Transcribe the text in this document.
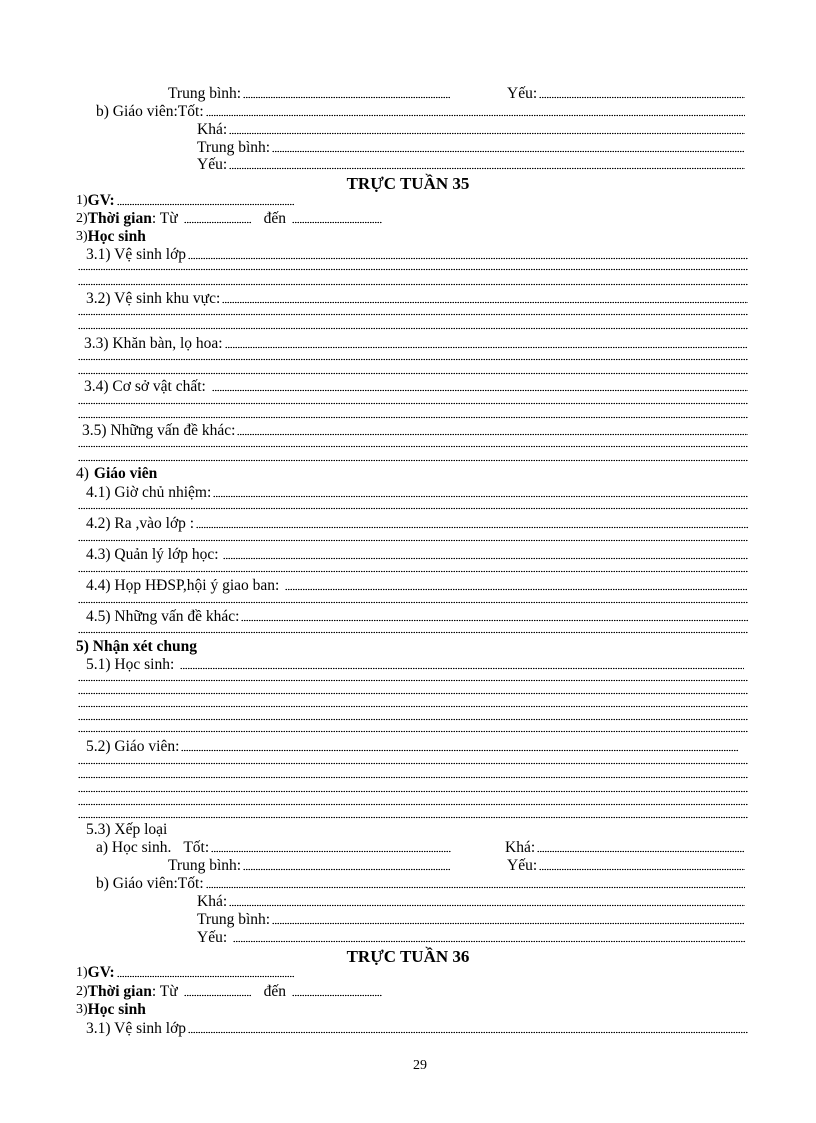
Trung bình:	Yếu:
b) Giáo viên: Tốt:
Khá:
Trung bình:
Yếu:
TRỰC TUẦN 35
1) GV:
2) Thời gian : Từ	đến
3) Học sinh
3.1) Vệ sinh lớp
3.2) Vệ sinh khu vực:
3.3) Khăn bàn, lọ hoa:
3.4) Cơ sở vật chất:
3.5) Những vấn đề khác:
4) Giáo viên
4.1) Giờ chủ nhiệm:
4.2) Ra ,vào lớp :
4.3) Quản lý lớp học:
4.4) Họp HĐSP,hội ý giao ban:
4.5) Những vấn đề khác:
5) Nhận xét chung
5.1) Học sinh:
5.2) Giáo viên:
5.3) Xếp loại
a) Học sinh. Tốt:	Khá:
Trung bình:	Yếu:
b) Giáo viên: Tốt:
Khá:
Trung bình:
Yếu:
TRỰC TUẦN 36
1) GV:
2) Thời gian : Từ	đến
3) Học sinh
3.1) Vệ sinh lớp
29
